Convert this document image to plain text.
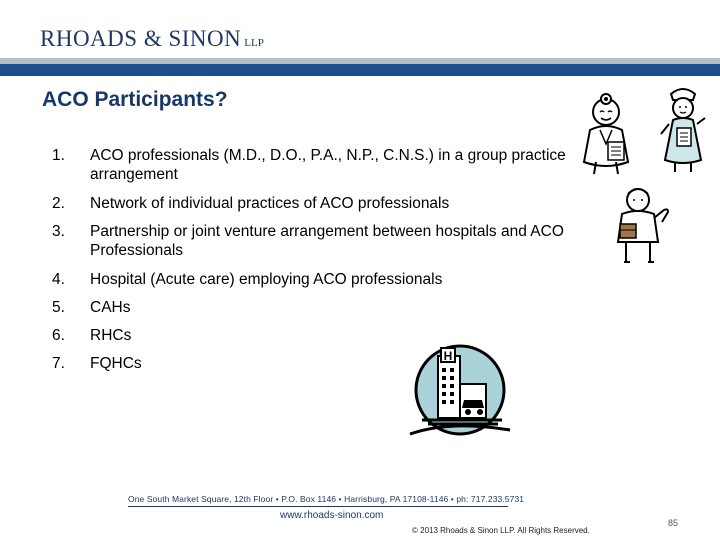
RHOADS & SINON LLP
ACO Participants?
1.	ACO professionals (M.D., D.O., P.A., N.P., C.N.S.) in a group practice arrangement
2.	Network of individual practices of ACO professionals
3.	Partnership or joint venture arrangement between hospitals and ACO Professionals
4.	Hospital (Acute care) employing ACO professionals
5.	CAHs
6.	RHCs
7.	FQHCs	H
One South Market Square, 12th Floor • P.O. Box 1146 • Harrisburg, PA 17108-1146 • ph: 717.233.5731
www.rhoads-sinon.com
© 2013 Rhoads & Sinon LLP. All Rights Reserved.
85
